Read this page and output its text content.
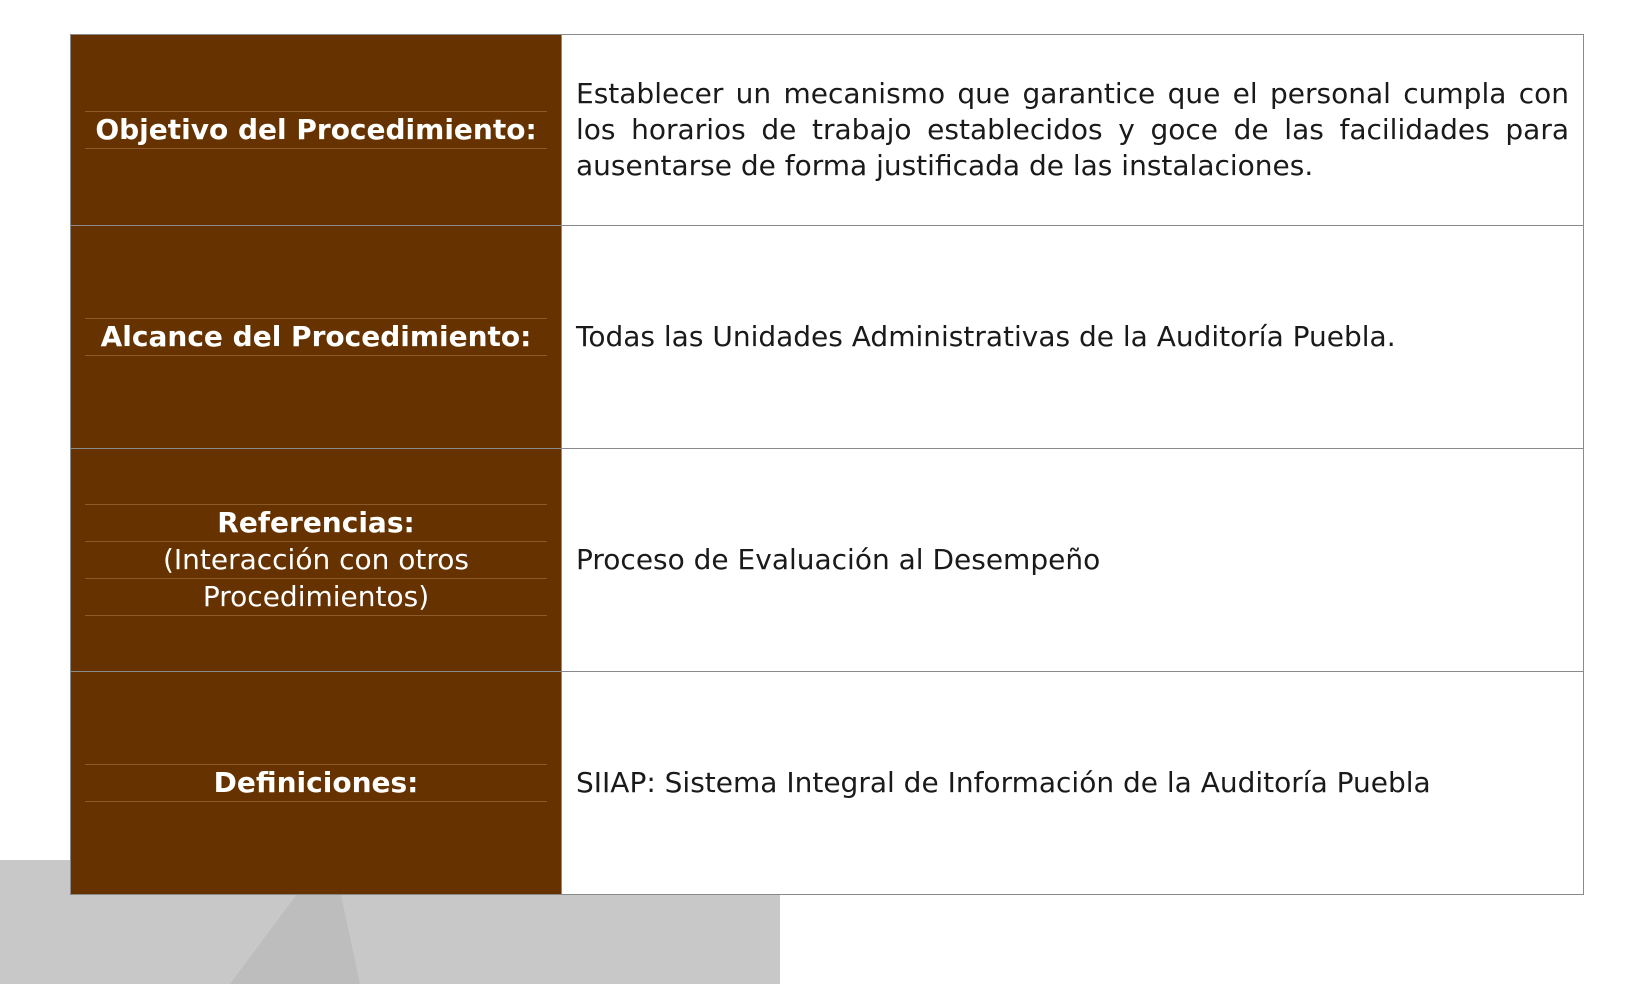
Objetivo del Procedimiento:	Establecer un mecanismo que garantice que el personal cumpla con los horarios de trabajo establecidos y goce de las facilidades para ausentarse de forma justificada de las instalaciones.

Alcance del Procedimiento:	Todas las Unidades Administrativas de la Auditoría Puebla.

Referencias:
(Interacción con otros
Procedimientos)	Proceso de Evaluación al Desempeño

Definiciones:	SIIAP: Sistema Integral de Información de la Auditoría Puebla
